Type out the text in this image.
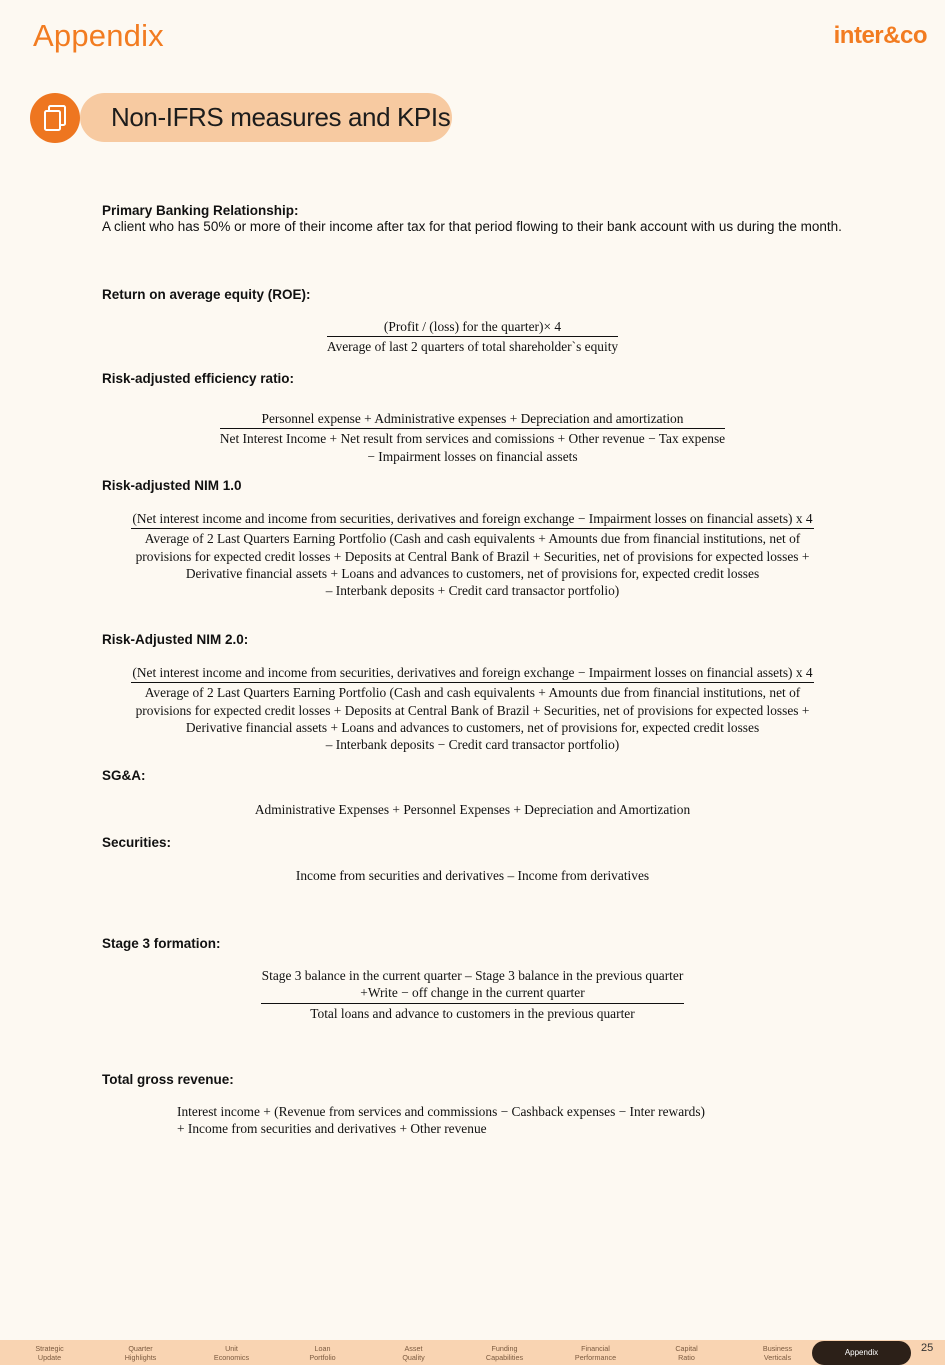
Appendix	inter&co
Non-IFRS measures and KPIs
Primary Banking Relationship:
A client who has 50% or more of their income after tax for that period flowing to their bank account with us during the month.
Return on average equity (ROE):
$\frac{\text{(Profit / (loss) for the quarter)× 4}}{\text{Average of last 2 quarters of total shareholder`s equity}}$
Risk-adjusted efficiency ratio:
Personnel expense + Administrative expenses + Depreciation and amortization
Net Interest Income + Net result from services and comissions + Other revenue − Tax expense
− Impairment losses on financial assets
Risk-adjusted NIM 1.0
(Net interest income and income from securities, derivatives and foreign exchange − Impairment losses on financial assets) x 4
Average of 2 Last Quarters Earning Portfolio (Cash and cash equivalents + Amounts due from financial institutions, net of
provisions for expected credit losses + Deposits at Central Bank of Brazil + Securities, net of provisions for expected losses +
Derivative financial assets + Loans and advances to customers, net of provisions for, expected credit losses
– Interbank deposits + Credit card transactor portfolio)
Risk-Adjusted NIM 2.0:
(Net interest income and income from securities, derivatives and foreign exchange − Impairment losses on financial assets) x 4
Average of 2 Last Quarters Earning Portfolio (Cash and cash equivalents + Amounts due from financial institutions, net of
provisions for expected credit losses + Deposits at Central Bank of Brazil + Securities, net of provisions for expected losses +
Derivative financial assets + Loans and advances to customers, net of provisions for, expected credit losses
– Interbank deposits − Credit card transactor portfolio)
SG&A:
Administrative Expenses + Personnel Expenses + Depreciation and Amortization
Securities:
Income from securities and derivatives – Income from derivatives
Stage 3 formation:
Stage 3 balance in the current quarter – Stage 3 balance in the previous quarter
+Write − off change in the current quarter
Total loans and advance to customers in the previous quarter
Total gross revenue:
Interest income + (Revenue from services and commissions − Cashback expenses − Inter rewards)
+ Income from securities and derivatives + Other revenue
Strategic
Update
Quarter
Highlights
Unit
Economics
Loan
Portfolio
Asset
Quality
Funding
Capabilities
Financial
Performance
Capital
Ratio
Business
Verticals	Appendix	25
